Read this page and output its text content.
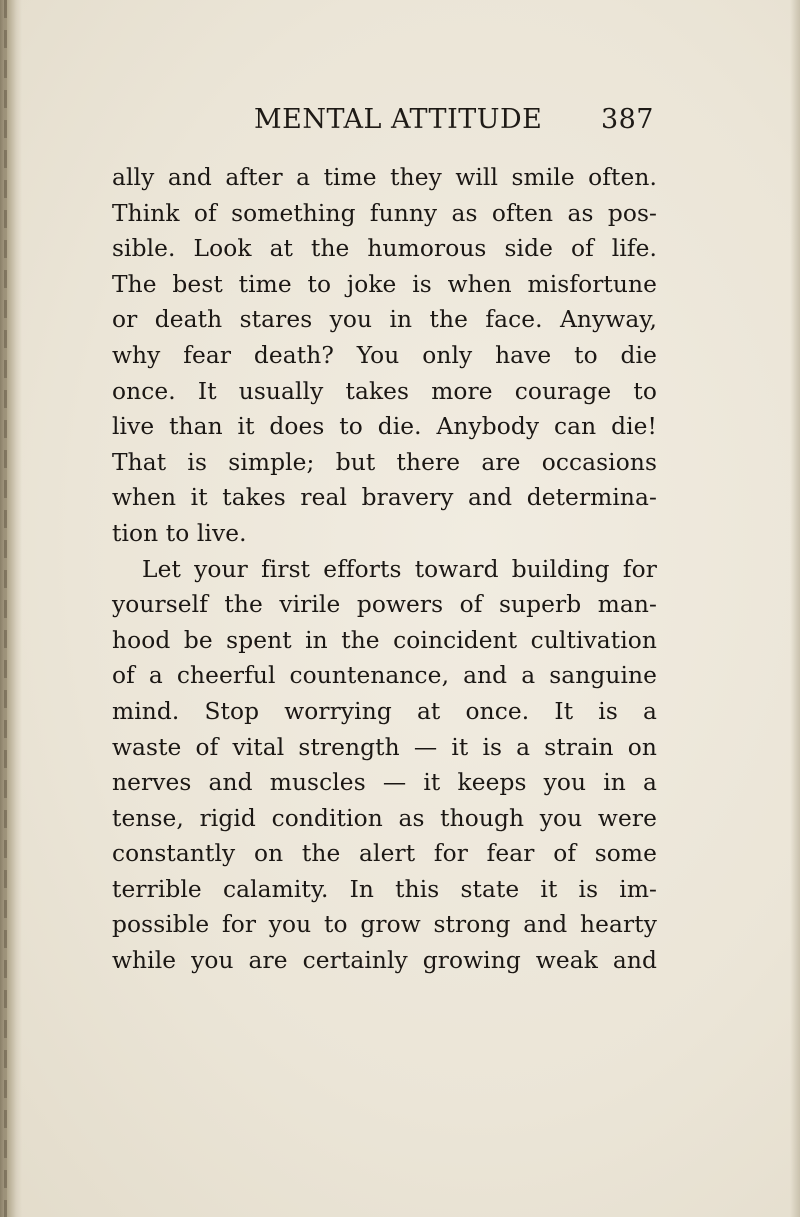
MENTAL ATTITUDE 387
ally and after a time they will smile often.
Think of something funny as often as pos-
sible. Look at the humorous side of life.
The best time to joke is when misfortune
or death stares you in the face. Anyway,
why fear death? You only have to die
once. It usually takes more courage to
live than it does to die. Anybody can die!
That is simple; but there are occasions
when it takes real bravery and determina-
tion to live.
Let your first efforts toward building for
yourself the virile powers of superb man-
hood be spent in the coincident cultivation
of a cheerful countenance, and a sanguine
mind. Stop worrying at once. It is a
waste of vital strength — it is a strain on
nerves and muscles — it keeps you in a
tense, rigid condition as though you were
constantly on the alert for fear of some
terrible calamity. In this state it is im-
possible for you to grow strong and hearty
while you are certainly growing weak and
